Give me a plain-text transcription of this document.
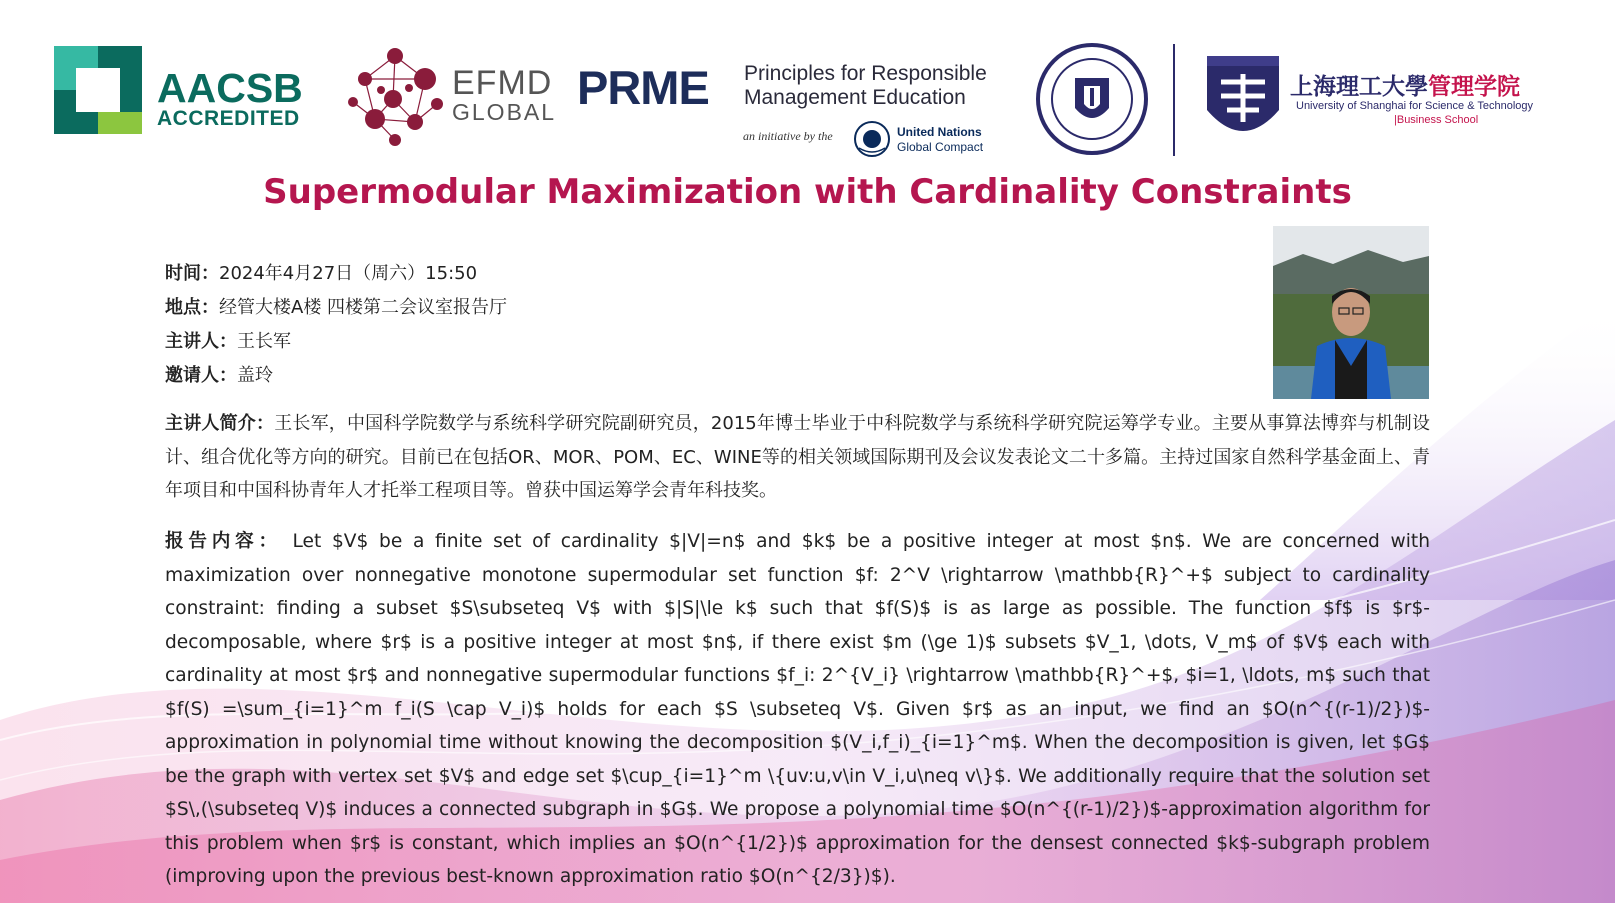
AACSB
ACCREDITED
EFMD
GLOBAL PRME Principles for Responsible
Management Education
an initiative by the	United Nations
Global Compact
上海理工大學管理学院
University of Shanghai for Science & Technology
|Business School
Supermodular Maximization with Cardinality Constraints
时间：2024年4月27日（周六）15:50
地点：经管大楼A楼 四楼第二会议室报告厅
主讲人：王长军
邀请人：盖玲
主讲人简介：王长军，中国科学院数学与系统科学研究院副研究员，2015年博士毕业于中科院数学与系统科学研究院运筹学专业。主要从事算法博弈与机制设计、组合优化等方向的研究。目前已在包括OR、MOR、POM、EC、WINE等的相关领域国际期刊及会议发表论文二十多篇。主持过国家自然科学基金面上、青年项目和中国科协青年人才托举工程项目等。曾获中国运筹学会青年科技奖。
报告内容： Let $V$ be a finite set of cardinality $|V|=n$ and $k$ be a positive integer at most $n$. We are concerned with maximization over nonnegative monotone supermodular set function $f: 2^V \rightarrow \mathbb{R}^+$ subject to cardinality constraint: finding a subset $S\subseteq V$ with $|S|\le k$ such that $f(S)$ is as large as possible. The function $f$ is $r$-decomposable, where $r$ is a positive integer at most $n$, if there exist $m (\ge 1)$ subsets $V_1, \dots, V_m$ of $V$ each with cardinality at most $r$ and nonnegative supermodular functions $f_i: 2^{V_i} \rightarrow \mathbb{R}^+$, $i=1, \ldots, m$ such that $f(S) =\sum_{i=1}^m f_i(S \cap V_i)$ holds for each $S \subseteq V$. Given $r$ as an input, we find an $O(n^{(r-1)/2})$-approximation in polynomial time without knowing the decomposition $(V_i,f_i)_{i=1}^m$. When the decomposition is given, let $G$ be the graph with vertex set $V$ and edge set $\cup_{i=1}^m \{uv:u,v\in V_i,u\neq v\}$. We additionally require that the solution set $S\,(\subseteq V)$ induces a connected subgraph in $G$. We propose a polynomial time $O(n^{(r-1)/2})$-approximation algorithm for this problem when $r$ is constant, which implies an $O(n^{1/2})$ approximation for the densest connected $k$-subgraph problem (improving upon the previous best-known approximation ratio $O(n^{2/3})$).
